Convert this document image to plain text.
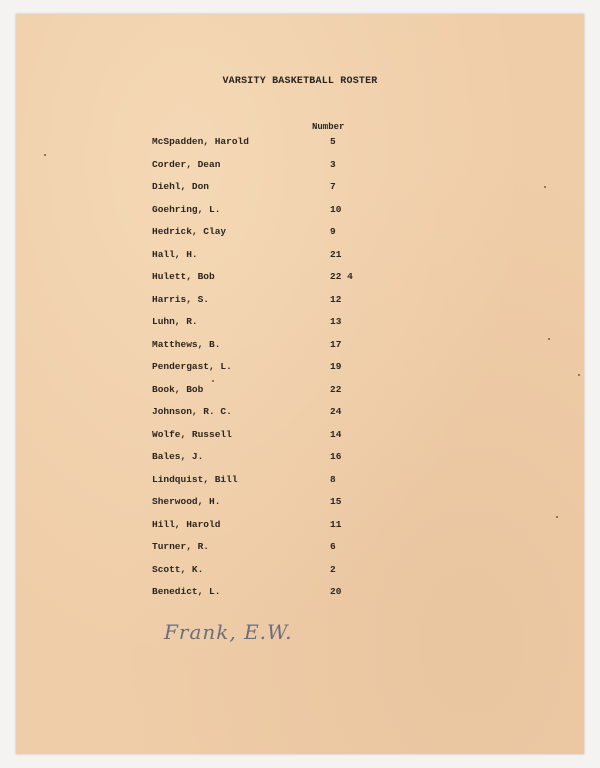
VARSITY BASKETBALL ROSTER
Number
McSpadden, Harold	5
Corder, Dean	3
Diehl, Don	7
Goehring, L.	10
Hedrick, Clay	9
Hall, H.	21
Hulett, Bob	22 4
Harris, S.	12
Luhn, R.	13
Matthews, B.	17
Pendergast, L.	19
Book, Bob	22
Johnson, R. C.	24
Wolfe, Russell	14
Bales, J.	16
Lindquist, Bill	8
Sherwood, H.	15
Hill, Harold	11
Turner, R.	6
Scott, K.	2
Benedict, L.	20
Frank, E.W.
